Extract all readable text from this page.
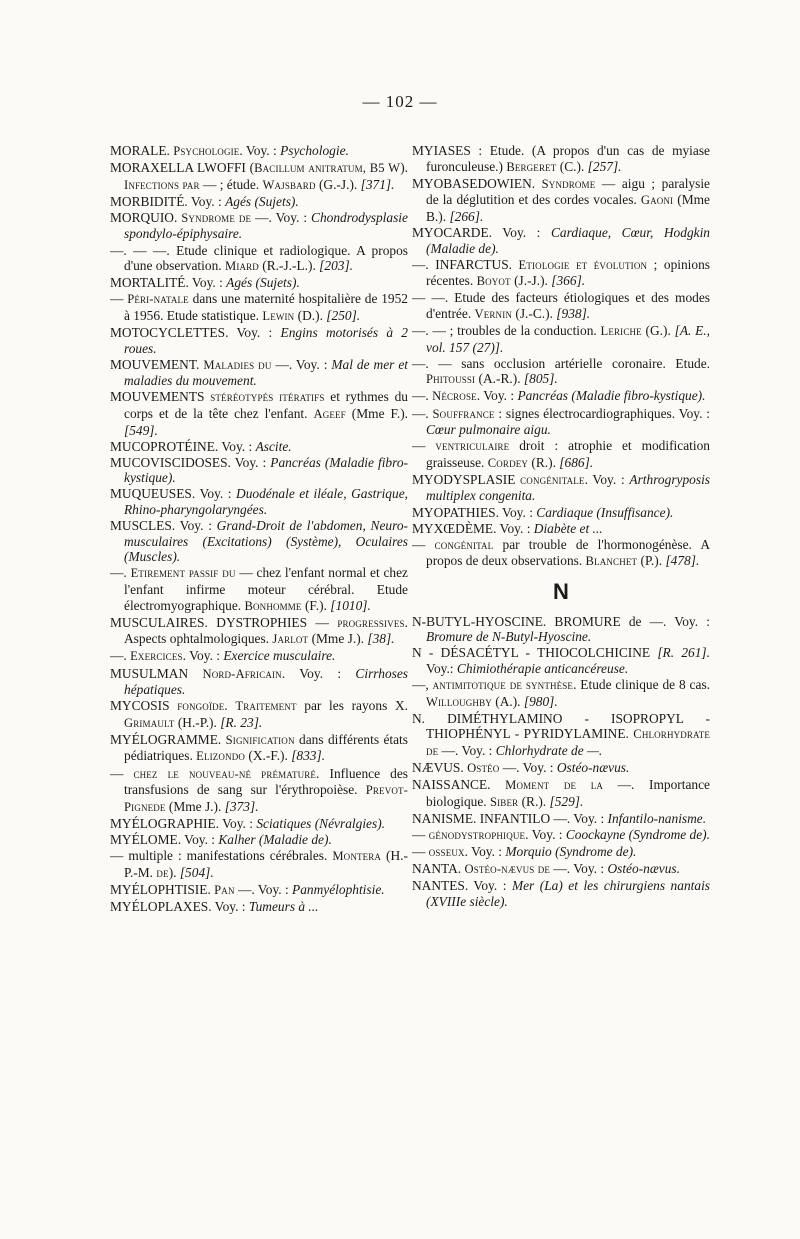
— 102 —
MORALE. Psychologie. Voy. : Psychologie.
MORAXELLA LWOFFI (Bacillum anitratum, B5 W). Infections par — ; étude. Wajsbard (G.-J.). [371].
MORBIDITÉ. Voy. : Agés (Sujets).
MORQUIO. Syndrome de —. Voy. : Chondrodysplasie spondylo-épiphysaire.
—. — —. Etude clinique et radiologique. A propos d'une observation. Miard (R.-J.-L.). [203].
MORTALITÉ. Voy. : Agés (Sujets).
— Péri-natale dans une maternité hospitalière de 1952 à 1956. Etude statistique. Lewin (D.). [250].
MOTOCYCLETTES. Voy. : Engins motorisés à 2 roues.
MOUVEMENT. Maladies du —. Voy. : Mal de mer et maladies du mouvement.
MOUVEMENTS stéréotypés itératifs et rythmes du corps et de la tête chez l'enfant. Ageef (Mme F.). [549].
MUCOPROTÉINE. Voy. : Ascite.
MUCOVISCIDOSES. Voy. : Pancréas (Maladie fibro-kystique).
MUQUEUSES. Voy. : Duodénale et iléale, Gastrique, Rhino-pharyngolaryngées.
MUSCLES. Voy. : Grand-Droit de l'abdomen, Neuro-musculaires (Excitations) (Système), Oculaires (Muscles).
—. Etirement passif du — chez l'enfant normal et chez l'enfant infirme moteur cérébral. Etude électromyographique. Bonhomme (F.). [1010].
MUSCULAIRES. DYSTROPHIES — progressives. Aspects ophtalmologiques. Jarlot (Mme J.). [38].
—. Exercices. Voy. : Exercice musculaire.
MUSULMAN Nord-Africain. Voy. : Cirrhoses hépatiques.
MYCOSIS fongoïde. Traitement par les rayons X. Grimault (H.-P.). [R. 23].
MYÉLOGRAMME. Signification dans différents états pédiatriques. Elizondo (X.-F.). [833].
— chez le nouveau-né prématuré. Influence des transfusions de sang sur l'érythropoièse. Prevot-Pignede (Mme J.). [373].
MYÉLOGRAPHIE. Voy. : Sciatiques (Névralgies).
MYÉLOME. Voy. : Kalher (Maladie de).
— multiple : manifestations cérébrales. Montera (H.-P.-M. de). [504].
MYÉLOPHTISIE. Pan —. Voy. : Panmyélophtisie.
MYÉLOPLAXES. Voy. : Tumeurs à ...
MYIASES : Etude. (A propos d'un cas de myiase furonculeuse.) Bergeret (C.). [257].
MYOBASEDOWIEN. Syndrome — aigu ; paralysie de la déglutition et des cordes vocales. Gaoni (Mme B.). [266].
MYOCARDE. Voy. : Cardiaque, Cœur, Hodgkin (Maladie de).
—. INFARCTUS. Etiologie et évolution ; opinions récentes. Boyot (J.-J.). [366].
— —. Etude des facteurs étiologiques et des modes d'entrée. Vernin (J.-C.). [938].
—. — ; troubles de la conduction. Leriche (G.). [A. E., vol. 157 (27)].
—. — sans occlusion artérielle coronaire. Etude. Phitoussi (A.-R.). [805].
—. Nécrose. Voy. : Pancréas (Maladie fibro-kystique).
—. Souffrance : signes électrocardiographiques. Voy. : Cœur pulmonaire aigu.
— ventriculaire droit : atrophie et modification graisseuse. Cordey (R.). [686].
MYODYSPLASIE congénitale. Voy. : Arthrogryposis multiplex congenita.
MYOPATHIES. Voy. : Cardiaque (Insuffisance).
MYXŒDÈME. Voy. : Diabète et ...
— congénital par trouble de l'hormonogénèse. A propos de deux observations. Blanchet (P.). [478].
N
N-BUTYL-HYOSCINE. BROMURE de —. Voy. : Bromure de N-Butyl-Hyoscine.
N - DÉSACÉTYL - THIOCOLCHICINE [R. 261]. Voy.: Chimiothérapie anticancéreuse.
—, antimitotique de synthèse. Etude clinique de 8 cas. Willoughby (A.). [980].
N. DIMÉTHYLAMINO - ISOPROPYL - THIOPHÉNYL - PYRIDYLAMINE. Chlorhydrate de —. Voy. : Chlorhydrate de —.
NÆVUS. Ostéo —. Voy. : Ostéo-nævus.
NAISSANCE. Moment de la —. Importance biologique. Siber (R.). [529].
NANISME. INFANTILO —. Voy. : Infantilo-nanisme.
— génodystrophique. Voy. : Coockayne (Syndrome de).
— osseux. Voy. : Morquio (Syndrome de).
NANTA. Ostéo-nævus de —. Voy. : Ostéo-nævus.
NANTES. Voy. : Mer (La) et les chirurgiens nantais (XVIIIe siècle).
